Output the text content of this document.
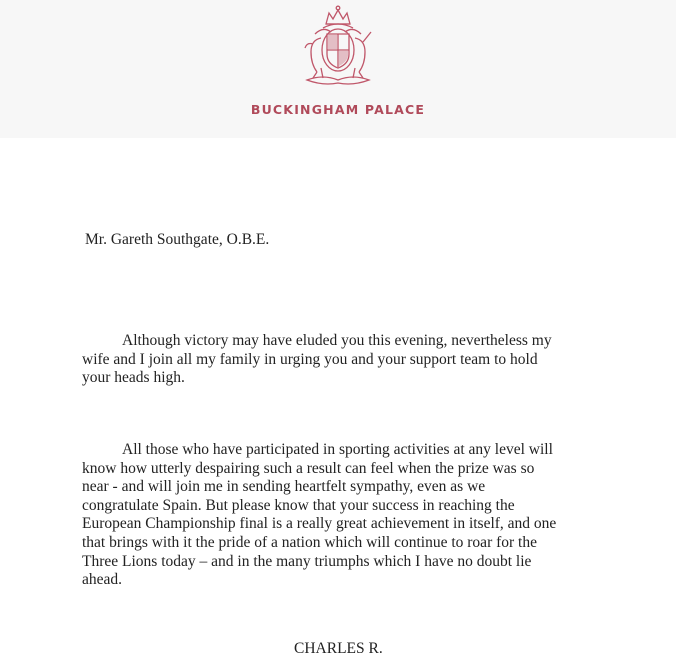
BUCKINGHAM PALACE
Mr. Gareth Southgate, O.B.E.
Although victory may have eluded you this evening, nevertheless my
wife and I join all my family in urging you and your support team to hold
your heads high.
All those who have participated in sporting activities at any level will
know how utterly despairing such a result can feel when the prize was so
near - and will join me in sending heartfelt sympathy, even as we
congratulate Spain. But please know that your success in reaching the
European Championship final is a really great achievement in itself, and one
that brings with it the pride of a nation which will continue to roar for the
Three Lions today – and in the many triumphs which I have no doubt lie
ahead.
CHARLES R.
